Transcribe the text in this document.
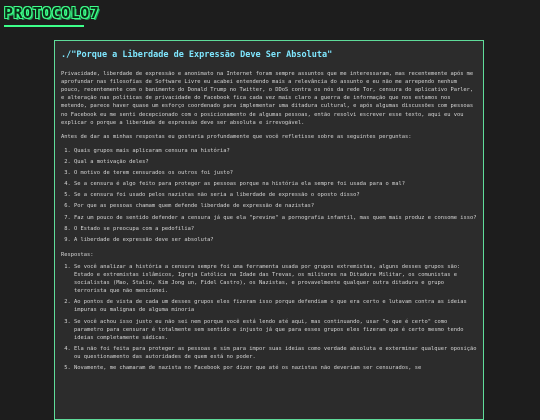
PROTOCOLO7
./"Porque a Liberdade de Expressão Deve Ser Absoluta"

Privacidade, liberdade de expressão e anonimato na Internet foram sempre assuntos que me interessaram, mas recentemente após me aprofundar nas filosofias de Software Livre eu acabei entendendo mais a relevância do assunto e eu não me arrependo nenhum pouco, recentemente com o banimento do Donald Trump no Twitter, o DDoS contra os nós da rede Tor, censura do aplicativo Parler, e alteração nas políticas de privacidade do Facebook fica cada vez mais claro a guerra de informação que nos estamos nos metendo, parece haver quase um esforço coordenado para implementar uma ditadura cultural, e após algumas discussões com pessoas no Facebook eu me senti decepcionado com o posicionamento de algumas pessoas, então resolvi escrever esse texto, aqui eu vou explicar o porque a liberdade de expressão deve ser absoluta e irrevogável.

Antes de dar as minhas respostas eu gostaria profundamente que você refletisse sobre as seguintes perguntas:

1. Quais grupos mais aplicaram censura na história?
2. Qual a motivação deles?
3. O motivo de terem censurados os outros foi justo?
4. Se a censura é algo feito para proteger as pessoas porque na história ela sempre foi usada para o mal?
5. Se a censura foi usado pelos nazistas não seria a liberdade de expressão o oposto disso?
6. Por que as pessoas chamam quem defende liberdade de expressão de nazistas?
7. Faz um pouco de sentido defender a censura já que ela "previne" a pornografia infantil, mas quem mais produz e consome isso?
8. O Estado se preocupa com a pedofilia?
9. A liberdade de expressão deve ser absoluta?

Respostas:

1. Se você analizar a história a censura sempre foi uma ferramenta usada por grupos extremistas, alguns desses grupos são: Estado e extremistas islâmicos, Igreja Católica na Idade das Trevas, os militares na Ditadura Militar, os comunistas e socialistas (Mao, Stalin, Kim Jong un, Fidel Castro), os Nazistas, e provavelmente qualquer outra ditadura e grupo terrorista que não mencionei.
2. Ao pontos de vista de cada um desses grupos eles fizeram isso porque defendiam o que era certo e lutavam contra as ideias impuras ou malignas de alguma minoria
3. Se você achou isso justo eu não sei nem porque você está lendo até aqui, mas continuando, usar "o que é certo" como parametro para censurar é totalmente sem sentido e injusto já que para esses grupos eles fizeram que é certo mesmo tendo ideias completamente sádicas.
4. Ela não foi feita para proteger as pessoas e sim para impor suas ideias como verdade absoluta e exterminar qualquer oposição ou questionamento das autoridades de quem está no poder.
5. Novamente, me chamaram de nazista no Facebook por dizer que até os nazistas não deveriam ser censurados, se
